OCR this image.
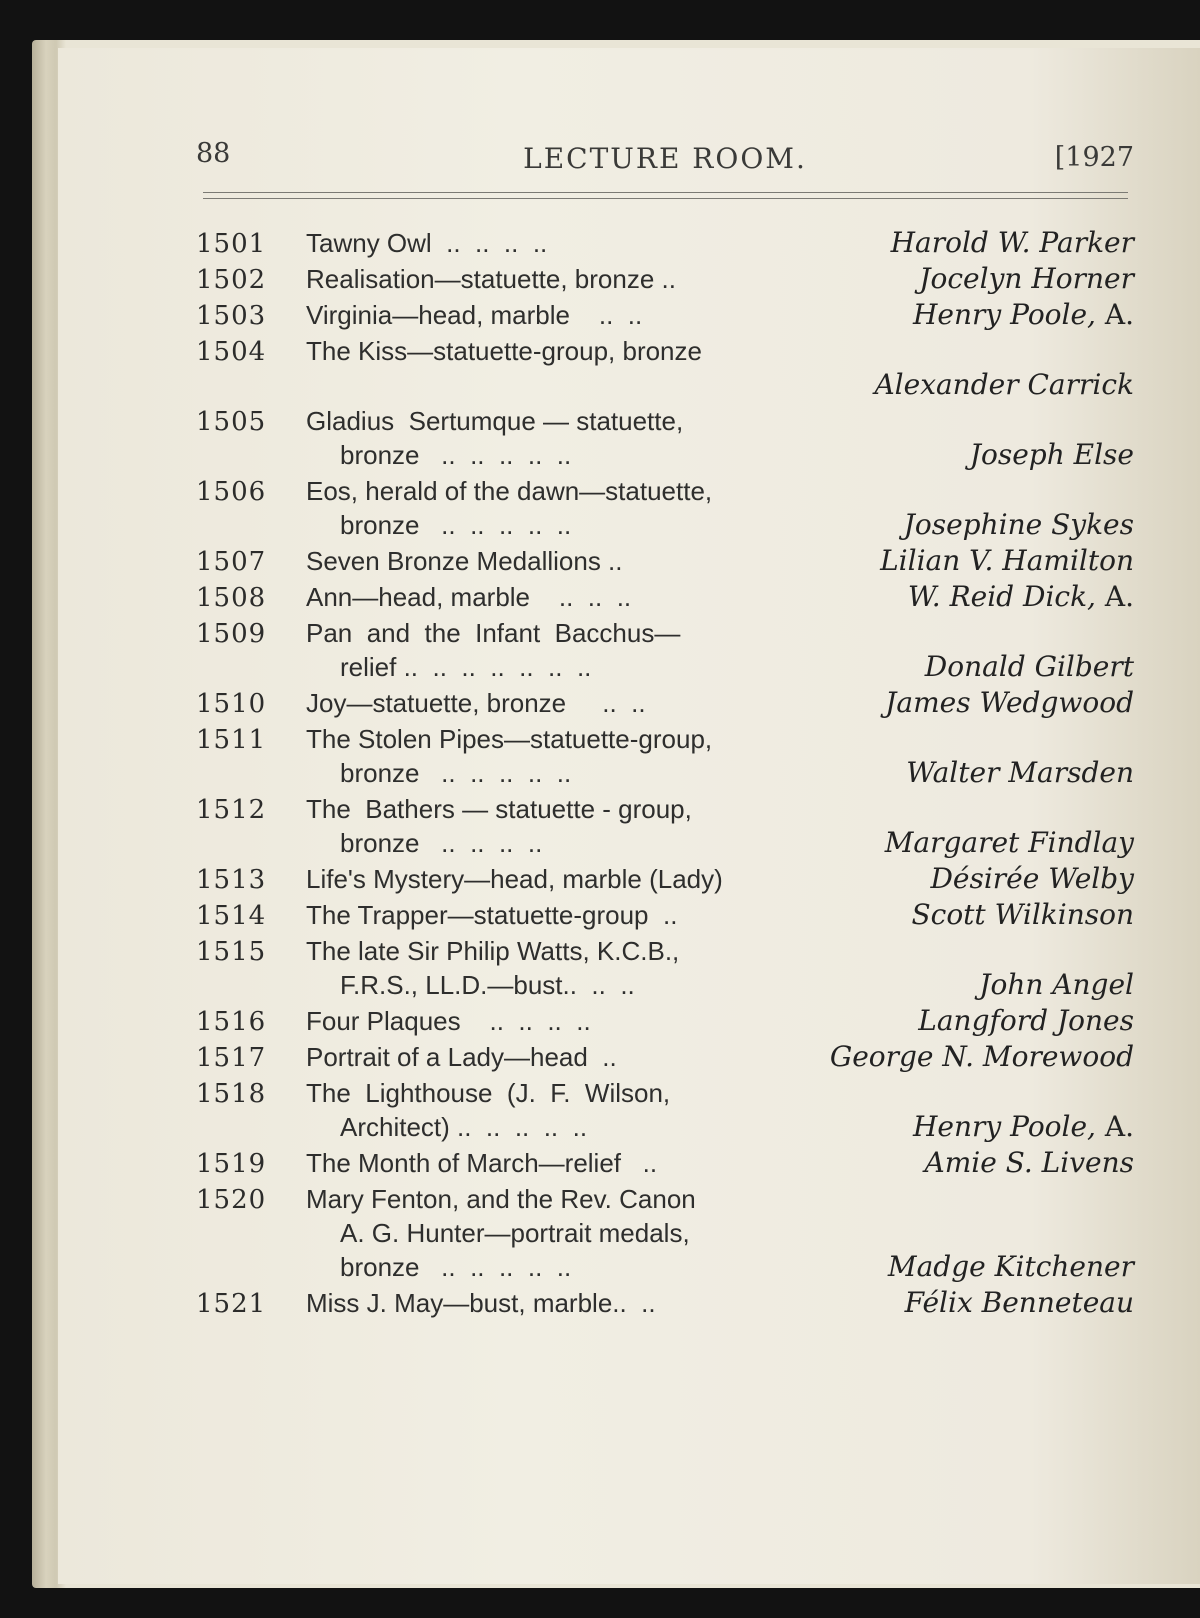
88	LECTURE ROOM.	[1927
1501 Tawny Owl  ..  ..  ..  ..	Harold W. Parker
1502 Realisation—statuette, bronze ..	Jocelyn Horner
1503 Virginia—head, marble    ..  ..	Henry Poole, A.
1504 The Kiss—statuette-group, bronze
Alexander Carrick
1505 Gladius  Sertumque — statuette,
bronze   ..  ..  ..  ..  ..	Joseph Else
1506 Eos, herald of the dawn—statuette,
bronze   ..  ..  ..  ..  ..	Josephine Sykes
1507 Seven Bronze Medallions ..	Lilian V. Hamilton
1508 Ann—head, marble    ..  ..  ..	W. Reid Dick, A.
1509 Pan  and  the  Infant  Bacchus—
relief ..  ..  ..  ..  ..  ..  ..	Donald Gilbert
1510 Joy—statuette, bronze     ..  ..	James Wedgwood
1511 The Stolen Pipes—statuette-group,
bronze   ..  ..  ..  ..  ..	Walter Marsden
1512 The  Bathers — statuette - group,
bronze   ..  ..  ..  ..	Margaret Findlay
1513 Life's Mystery—head, marble (Lady)	Désirée Welby
1514 The Trapper—statuette-group  ..	Scott Wilkinson
1515 The late Sir Philip Watts, K.C.B.,
F.R.S., LL.D.—bust..  ..  ..	John Angel
1516 Four Plaques    ..  ..  ..  ..	Langford Jones
1517 Portrait of a Lady—head  ..	George N. Morewood
1518 The  Lighthouse  (J.  F.  Wilson,
Architect) ..  ..  ..  ..  ..	Henry Poole, A.
1519 The Month of March—relief   ..	Amie S. Livens
1520 Mary Fenton, and the Rev. Canon
A. G. Hunter—portrait medals,
bronze   ..  ..  ..  ..  ..	Madge Kitchener
1521 Miss J. May—bust, marble..  ..	Félix Benneteau
